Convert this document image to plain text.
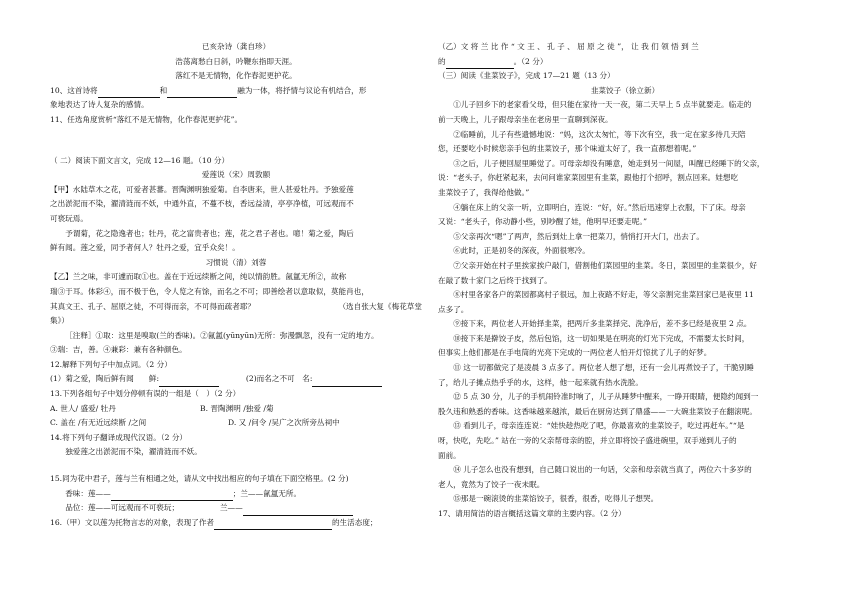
已亥杂诗（龚自珍）
浩荡离愁白日斜，吟鞭东指即天涯。
落红不是无情物，化作春泥更护花。
10、这首诗将	和	融为一体，将抒情与议论有机结合，形
象地表达了诗人复杂的感情。
11、任选角度赏析“落红不是无情物，化作春泥更护花”。
（ 二）阅读下面文言文，完成 12—16 题。（10 分）
爱莲说（宋）周敦颐
【甲】水陆草木之花，可爱者甚蕃。晋陶渊明独爱菊。自李唐来，世人甚爱牡丹。予独爱莲
之出淤泥而不染，濯清涟而不妖，中通外直，不蔓不枝，香远益清，亭亭净植，可远观而不
可亵玩焉。
予谓菊，花之隐逸者也；牡丹，花之富贵者也；莲，花之君子者也。噫！菊之爱，陶后
鲜有闻。莲之爱，同予者何人？牡丹之爱，宜乎众矣！。
习惯说（清）刘蓉
【乙】兰之味，非可遽而取①也。盖在于近远续断之间，纯以情韵胜。氤氲无所②，故称
瑞③于耳。体彩④，而不极于色，令人览之有馀，而名之不可；即善绘者以意取似，莫能肖也，
其真文王、孔子、屈原之徒，不可得而亲，不可得而疏者耶？	（选自张大复《梅花草堂
集》）
［注释］①取：这里是嗅取(兰的香味)。②氤氲(yūnyūn)无所：弥漫飘忽，没有一定的地方。
③瑞：吉，善。④兼彩：兼有各种颜色。
12.解释下列句子中加点词。（2 分）
(1）菊之爱，陶后鲜有闻　　鲜:	(2)而名之不可　名:
13.下列各组句子中划分停顿有误的一组是（　）（2 分）
A. 世人/ 盛爱/ 牡丹	B. 晋陶渊明 /独爱 /菊
C. 盖在 /有无近远续断 /之间	D. 又 /问令 /吴广之次所旁丛祠中
14.将下列句子翻译成现代汉语。（2 分）
独爱莲之出淤泥而不染，濯清涟而不妖。
15.同为花中君子，莲与兰有相通之处，请从文中找出相应的句子填在下面空格里。(2 分)
香味：莲——	；兰——氤氲无所。
品位：莲——可远观而不可亵玩；	兰——
16.（甲）文以莲为托物言志的对象，表现了作者	的生活态度；
（乙）文 将 兰 比 作 “ 文 王 、 孔 子 、 屈 原 之 徒 ”， 让 我 们 领 悟 到 兰
的	。（2 分）
（三）阅读《韭菜饺子》，完成 17—21 题（13 分）
韭菜饺子（徐立新）
①儿子回乡下的老家看父母，但只能在家待一天一夜，第二天早上 5 点半就要走。临走的
前一天晚上，儿子跟母亲坐在老房里一直聊到深夜。
②临睡前，儿子有些遗憾地说：“妈，这次太匆忙，等下次有空，我一定在家多待几天陪
您，还要吃小时候您亲手包的韭菜饺子，那个味道太好了，我一直都想着呢。”
③之后，儿子便回屋里睡觉了。可母亲却没有睡意，她走到另一间屋，叫醒已经睡下的父亲，
说：“老头子，你赶紧起来，去问问谁家菜园里有韭菜，跟他打个招呼，割点回来。娃想吃
韭菜饺子了，我得给他做。”
④躺在床上的父亲一听，立即明白，连说：“好，好。”然后迅速穿上衣服，下了床。母亲
又说：“老头子，你动静小些，别吵醒了娃，他明早还要走呢。”
⑤父亲再次“嗯”了两声，然后到灶上拿一把菜刀，悄悄打开大门，出去了。
⑥此时，正是初冬的深夜，外面很寒冷。
⑦父亲开始在村子里挨家挨户敲门，借割他们菜园里的韭菜。冬日，菜园里的韭菜很少，好
在敲了数十家门之后终于找到了。
⑧村里各家各户的菜园都离村子很远，加上夜路不好走，等父亲割完韭菜回家已是夜里 11
点多了。
⑨接下来，两位老人开始择韭菜，把两斤多韭菜择完、洗净后，差不多已经是夜里 2 点。
⑩接下来是擀饺子皮，然后包馅，这一切如果是在明亮的灯光下完成，不需要太长时间，
但事实上他们都是在手电筒的光亮下完成的一两位老人怕开灯惊扰了儿子的好梦。
⑪ 这一切都做完了是凌晨 3 点多了。两位老人想了想，还有一会儿再煮饺子了，干脆别睡
了，给儿子摊点热乎乎的水，这样，他一起来就有热水洗脸。
⑫ 5 点 30 分，儿子的手机闹铃准时响了，儿子从睡梦中醒来，一睁开眼睛，便隐约闻到一
股久违和熟悉的香味。这香味越来越浓，最后在厨房达到了鼎盛——一大碗韭菜饺子在翻滚呢。
⑬ 看到儿子，母亲连连说：“娃快趁热吃了吧，你最喜欢的韭菜饺子，吃过再赶车。”“是
呀，快吃，先吃。” 站在一旁的父亲帮母亲的腔，并立即将饺子盛进碗里，双手递到儿子的
面前。
⑭ 儿子怎么也没有想到，自己随口说出的一句话，父亲和母亲就当真了，两位六十多岁的
老人，竟然为了饺子一夜未眠。
⑮那是一碗滚烫的韭菜馅饺子，很香，很香，吃得儿子想哭。
17、请用简洁的语言概括这篇文章的主要内容。（2 分）
